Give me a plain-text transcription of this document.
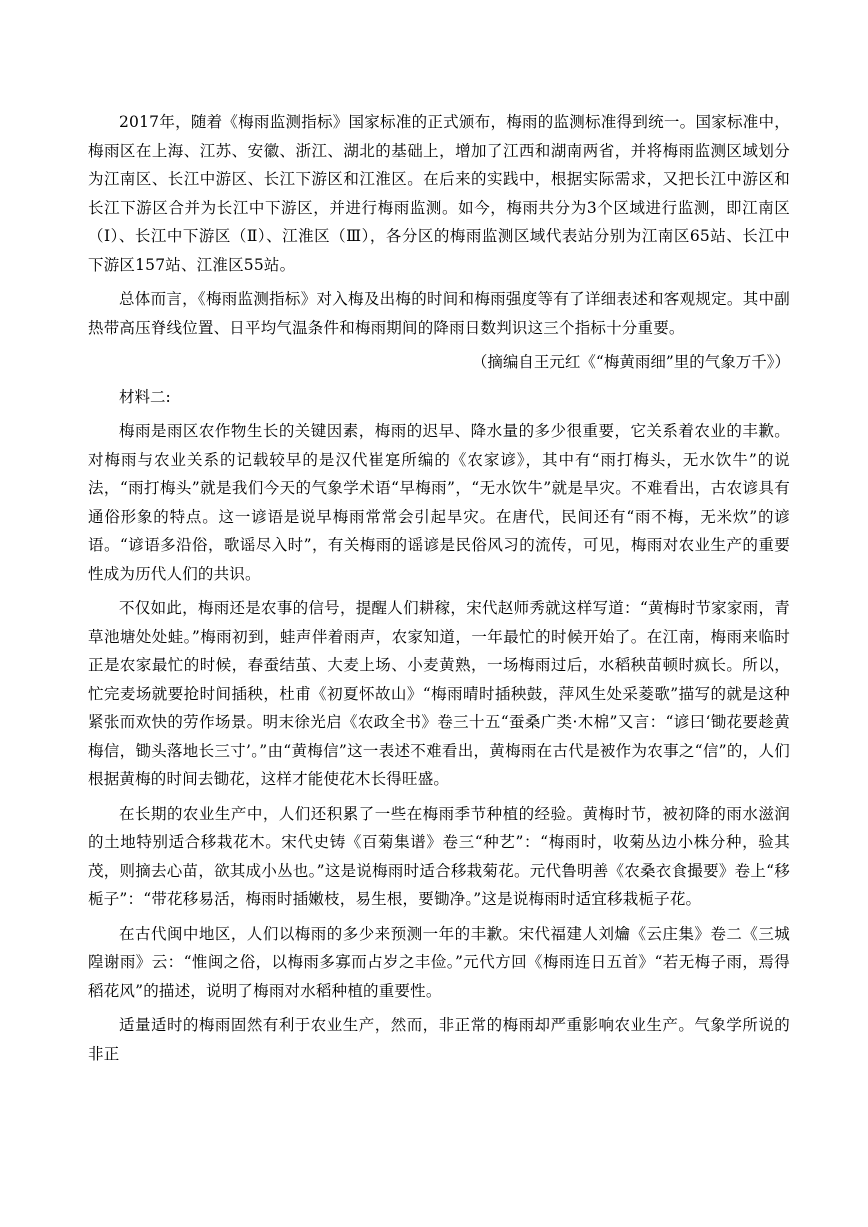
2017年，随着《梅雨监测指标》国家标准的正式颁布，梅雨的监测标准得到统一。国家标准中，梅雨区在上海、江苏、安徽、浙江、湖北的基础上，增加了江西和湖南两省，并将梅雨监测区域划分为江南区、长江中游区、长江下游区和江淮区。在后来的实践中，根据实际需求，又把长江中游区和长江下游区合并为长江中下游区，并进行梅雨监测。如今，梅雨共分为3个区域进行监测，即江南区（Ⅰ）、长江中下游区（Ⅱ）、江淮区（Ⅲ），各分区的梅雨监测区域代表站分别为江南区65站、长江中下游区157站、江淮区55站。

总体而言，《梅雨监测指标》对入梅及出梅的时间和梅雨强度等有了详细表述和客观规定。其中副热带高压脊线位置、日平均气温条件和梅雨期间的降雨日数判识这三个指标十分重要。

（摘编自王元红《“梅黄雨细”里的气象万千》）

材料二:

梅雨是雨区农作物生长的关键因素，梅雨的迟早、降水量的多少很重要，它关系着农业的丰歉。对梅雨与农业关系的记载较早的是汉代崔寔所编的《农家谚》，其中有“雨打梅头，无水饮牛”的说法，“雨打梅头”就是我们今天的气象学术语“早梅雨”，“无水饮牛”就是旱灾。不难看出，古农谚具有通俗形象的特点。这一谚语是说早梅雨常常会引起旱灾。在唐代，民间还有“雨不梅，无米炊”的谚语。“谚语多沿俗，歌谣尽入时”，有关梅雨的谣谚是民俗风习的流传，可见，梅雨对农业生产的重要性成为历代人们的共识。

不仅如此，梅雨还是农事的信号，提醒人们耕稼，宋代赵师秀就这样写道：“黄梅时节家家雨，青草池塘处处蛙。”梅雨初到，蛙声伴着雨声，农家知道，一年最忙的时候开始了。在江南，梅雨来临时正是农家最忙的时候，春蚕结茧、大麦上场、小麦黄熟，一场梅雨过后，水稻秧苗顿时疯长。所以，忙完麦场就要抢时间插秧，杜甫《初夏怀故山》“梅雨晴时插秧鼓，萍风生处采菱歌”描写的就是这种紧张而欢快的劳作场景。明末徐光启《农政全书》卷三十五“蚕桑广类·木棉”又言：“谚曰‘锄花要趁黄梅信，锄头落地长三寸’。”由“黄梅信”这一表述不难看出，黄梅雨在古代是被作为农事之“信”的，人们根据黄梅的时间去锄花，这样才能使花木长得旺盛。

在长期的农业生产中，人们还积累了一些在梅雨季节种植的经验。黄梅时节，被初降的雨水滋润的土地特别适合移栽花木。宋代史铸《百菊集谱》卷三“种艺”：“梅雨时，收菊丛边小株分种，验其茂，则摘去心苗，欲其成小丛也。”这是说梅雨时适合移栽菊花。元代鲁明善《农桑衣食撮要》卷上“移栀子”：“带花移易活，梅雨时插嫩枝，易生根，要锄净。”这是说梅雨时适宜移栽栀子花。

在古代闽中地区，人们以梅雨的多少来预测一年的丰歉。宋代福建人刘爚《云庄集》卷二《三城隍谢雨》云：“惟闽之俗，以梅雨多寡而占岁之丰俭。”元代方回《梅雨连日五首》“若无梅子雨，焉得稻花风”的描述，说明了梅雨对水稻种植的重要性。

适量适时的梅雨固然有利于农业生产，然而，非正常的梅雨却严重影响农业生产。气象学所说的非正
